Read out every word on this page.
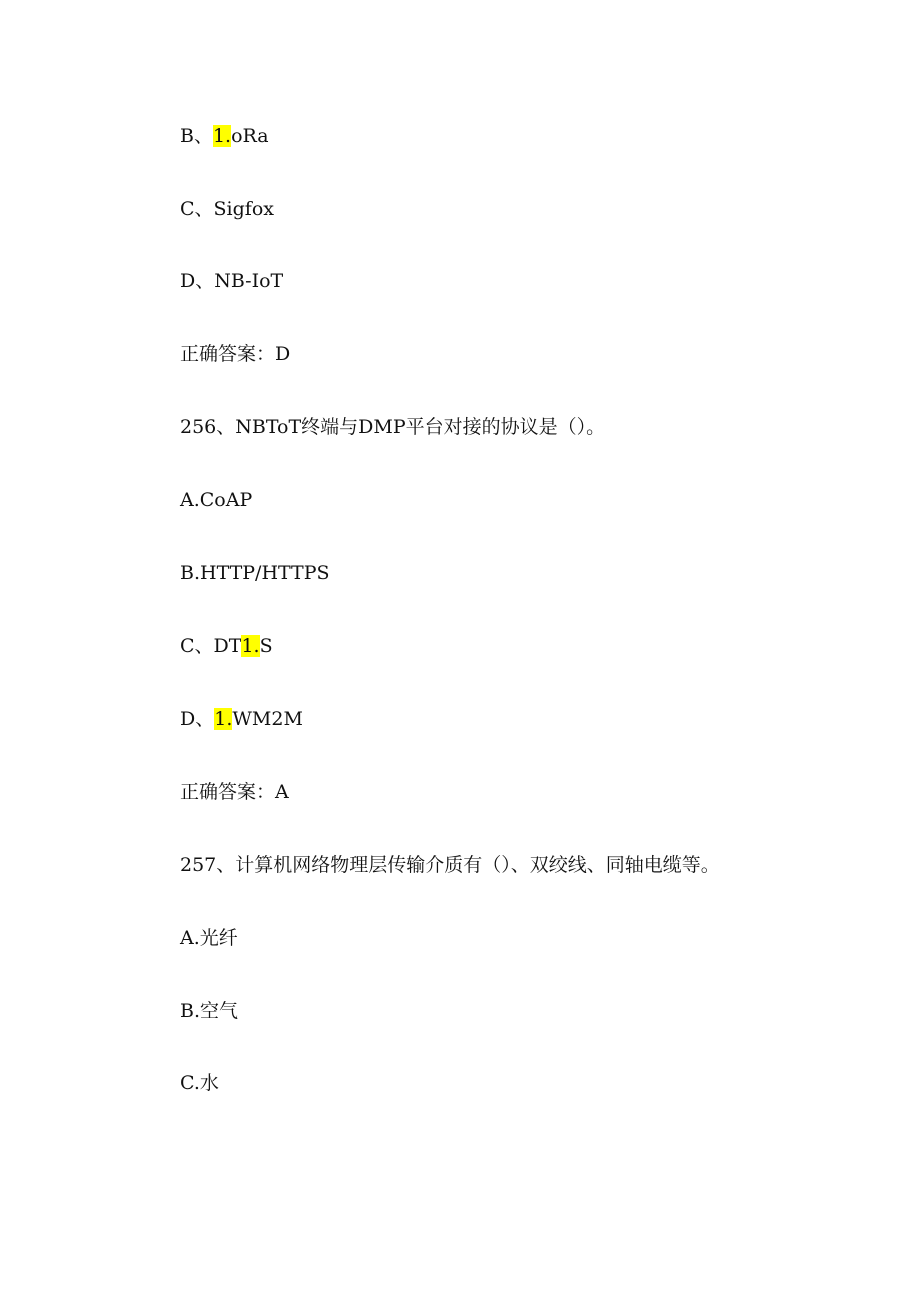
B、1.oRa
C、Sigfox
D、NB-IoT
正确答案：D
256、NBToT终端与DMP平台对接的协议是（）。
A.CoAP
B.HTTP/HTTPS
C、DT1.S
D、1.WM2M
正确答案：A
257、计算机网络物理层传输介质有（）、双绞线、同轴电缆等。
A.光纤
B.空气
C.水
